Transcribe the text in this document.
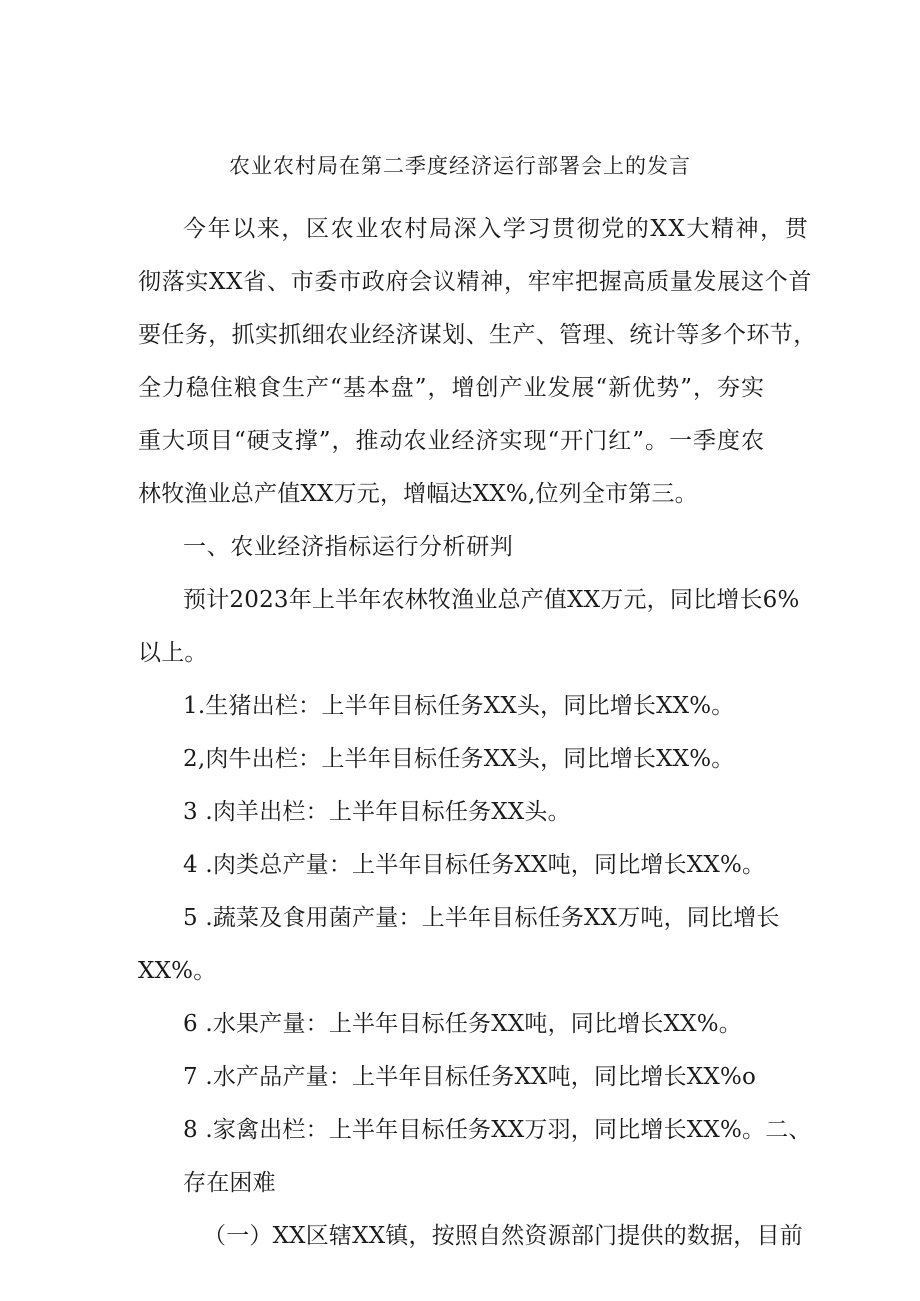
农业农村局在第二季度经济运行部署会上的发言
今年以来，区农业农村局深入学习贯彻党的XX大精神，贯
彻落实XX省、市委市政府会议精神，牢牢把握高质量发展这个首
要任务，抓实抓细农业经济谋划、生产、管理、统计等多个环节，
全力稳住粮食生产“基本盘”，增创产业发展“新优势”，夯实
重大项目“硬支撑”，推动农业经济实现“开门红”。一季度农
林牧渔业总产值XX万元，增幅达XX%,位列全市第三。
一、农业经济指标运行分析研判
预计2023年上半年农林牧渔业总产值XX万元，同比增长6%
以上。
1.生猪出栏：上半年目标任务XX头，同比增长XX%。
2,肉牛出栏：上半年目标任务XX头，同比增长XX%。
3 .肉羊出栏：上半年目标任务XX头。
4 .肉类总产量：上半年目标任务XX吨，同比增长XX%。
5 .蔬菜及食用菌产量：上半年目标任务XX万吨，同比增长
XX%。
6 .水果产量：上半年目标任务XX吨，同比增长XX%。
7 .水产品产量：上半年目标任务XX吨，同比增长XX%o
8 .家禽出栏：上半年目标任务XX万羽，同比增长XX%。二、
存在困难
（一）XX区辖XX镇，按照自然资源部门提供的数据，目前
